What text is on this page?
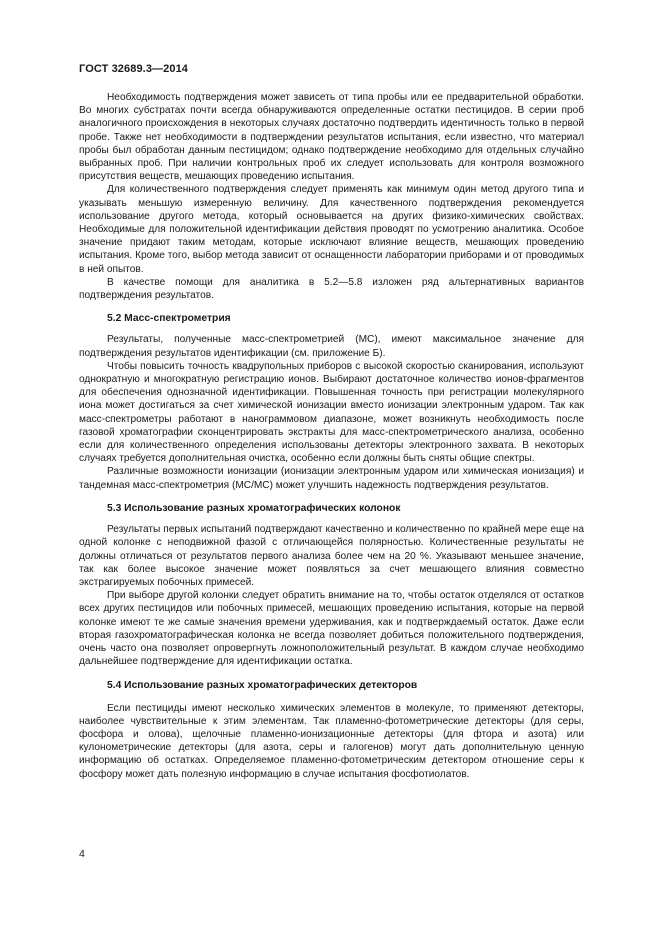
ГОСТ 32689.3—2014

Необходимость подтверждения может зависеть от типа пробы или ее предварительной обработки. Во многих субстратах почти всегда обнаруживаются определенные остатки пестицидов. В серии проб аналогичного происхождения в некоторых случаях достаточно подтвердить идентичность только в первой пробе. Также нет необходимости в подтверждении результатов испытания, если известно, что материал пробы был обработан данным пестицидом; однако подтверждение необходимо для отдельных случайно выбранных проб. При наличии контрольных проб их следует использовать для контроля возможного присутствия веществ, мешающих проведению испытания.

Для количественного подтверждения следует применять как минимум один метод другого типа и указывать меньшую измеренную величину. Для качественного подтверждения рекомендуется использование другого метода, который основывается на других физико-химических свойствах. Необходимые для положительной идентификации действия проводят по усмотрению аналитика. Особое значение придают таким методам, которые исключают влияние веществ, мешающих проведению испытания. Кроме того, выбор метода зависит от оснащенности лаборатории приборами и от проводимых в ней опытов.

В качестве помощи для аналитика в 5.2—5.8 изложен ряд альтернативных вариантов подтверждения результатов.

5.2 Масс-спектрометрия

Результаты, полученные масс-спектрометрией (МС), имеют максимальное значение для подтверждения результатов идентификации (см. приложение Б).

Чтобы повысить точность квадрупольных приборов с высокой скоростью сканирования, используют однократную и многократную регистрацию ионов. Выбирают достаточное количество ионов-фрагментов для обеспечения однозначной идентификации. Повышенная точность при регистрации молекулярного иона может достигаться за счет химической ионизации вместо ионизации электронным ударом. Так как масс-спектрометры работают в нанограммовом диапазоне, может возникнуть необходимость после газовой хроматографии сконцентрировать экстракты для масс-спектрометрического анализа, особенно если для количественного определения использованы детекторы электронного захвата. В некоторых случаях требуется дополнительная очистка, особенно если должны быть сняты общие спектры.

Различные возможности ионизации (ионизации электронным ударом или химическая ионизация) и тандемная масс-спектрометрия (МС/МС) может улучшить надежность подтверждения результатов.

5.3 Использование разных хроматографических колонок

Результаты первых испытаний подтверждают качественно и количественно по крайней мере еще на одной колонке с неподвижной фазой с отличающейся полярностью. Количественные результаты не должны отличаться от результатов первого анализа более чем на 20 %. Указывают меньшее значение, так как более высокое значение может появляться за счет мешающего влияния совместно экстрагируемых побочных примесей.

При выборе другой колонки следует обратить внимание на то, чтобы остаток отделялся от остатков всех других пестицидов или побочных примесей, мешающих проведению испытания, которые на первой колонке имеют те же самые значения времени удерживания, как и подтверждаемый остаток. Даже если вторая газохроматографическая колонка не всегда позволяет добиться положительного подтверждения, очень часто она позволяет опровергнуть ложноположительный результат. В каждом случае необходимо дальнейшее подтверждение для идентификации остатка.

5.4 Использование разных хроматографических детекторов

Если пестициды имеют несколько химических элементов в молекуле, то применяют детекторы, наиболее чувствительные к этим элементам. Так пламенно-фотометрические детекторы (для серы, фосфора и олова), щелочные пламенно-ионизационные детекторы (для фтора и азота) или кулонометрические детекторы (для азота, серы и галогенов) могут дать дополнительную ценную информацию об остатках. Определяемое пламенно-фотометрическим детектором отношение серы к фосфору может дать полезную информацию в случае испытания фосфотиолатов.

4
